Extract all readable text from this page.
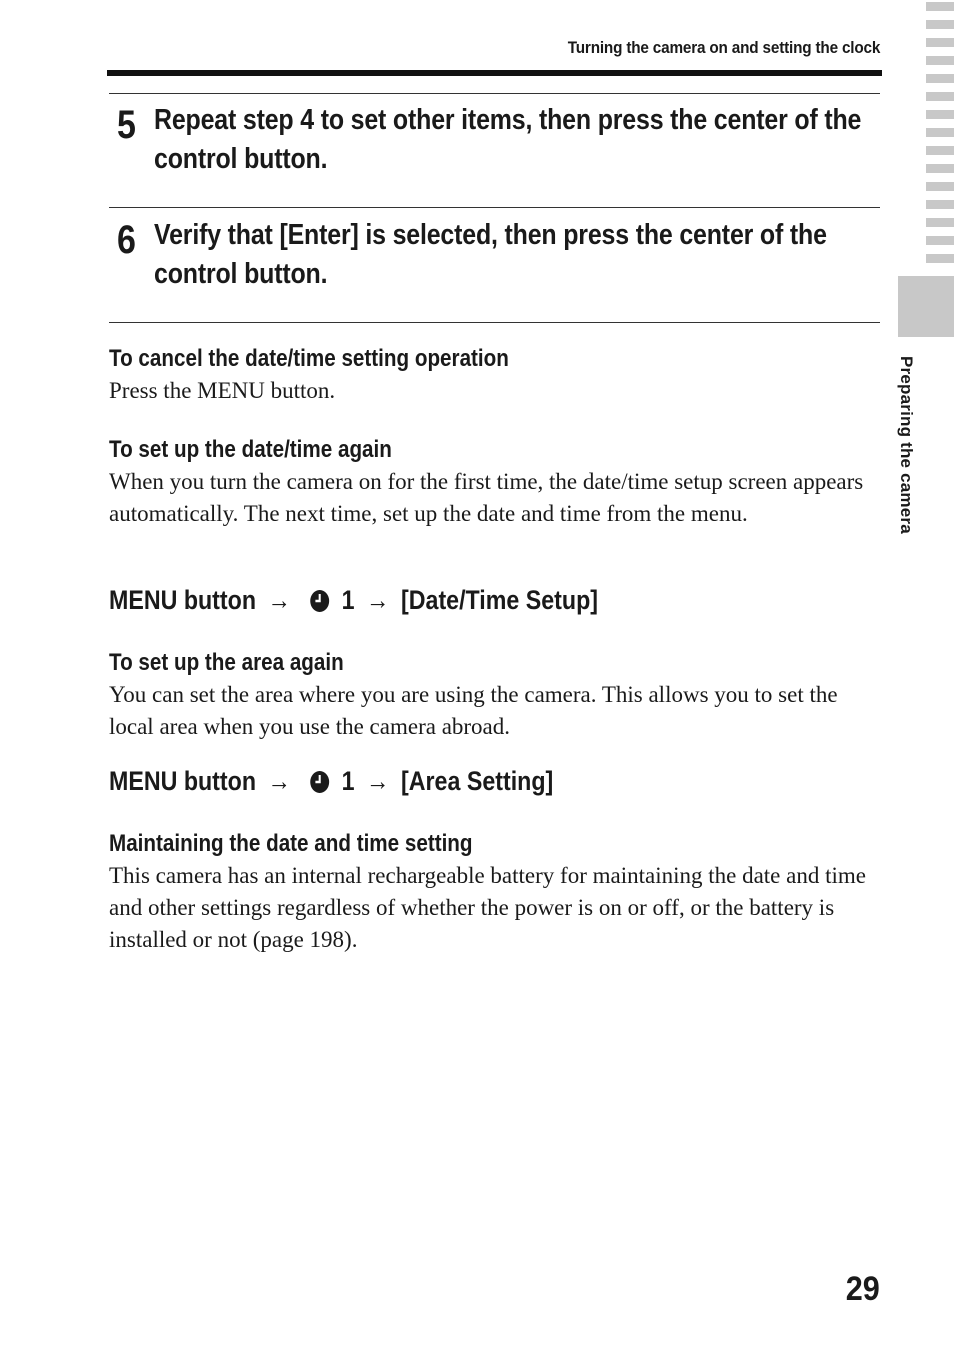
Turning the camera on and setting the clock
5 Repeat step 4 to set other items, then press the center of the control button.
6 Verify that [Enter] is selected, then press the center of the control button.
To cancel the date/time setting operation
Press the MENU button.
To set up the date/time again
When you turn the camera on for the first time, the date/time setup screen appears automatically. The next time, set up the date and time from the menu.
MENU button → 1 → [Date/Time Setup]
To set up the area again
You can set the area where you are using the camera. This allows you to set the local area when you use the camera abroad.
MENU button → 1 → [Area Setting]
Maintaining the date and time setting
This camera has an internal rechargeable battery for maintaining the date and time and other settings regardless of whether the power is on or off, or the battery is installed or not (page 198).
Preparing the camera
29
